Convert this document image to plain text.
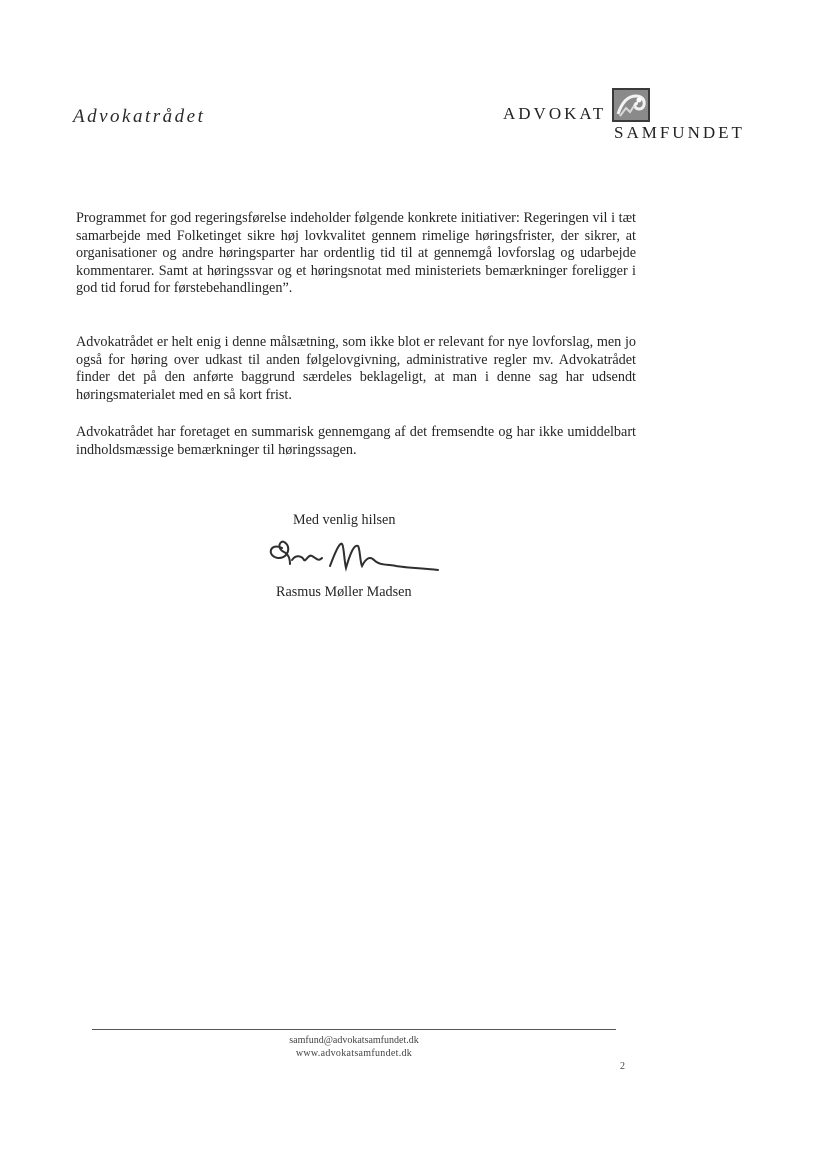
Advokatrådet	ADVOKAT
SAMFUNDET

Programmet for god regeringsførelse indeholder følgende konkrete initiativer: Regeringen vil i tæt samarbejde med Folketinget sikre høj lovkvalitet gennem rimelige høringsfrister, der sikrer, at organisationer og andre høringsparter har ordentlig tid til at gennemgå lovforslag og udarbejde kommentarer. Samt at høringssvar og et høringsnotat med ministeriets bemærkninger foreligger i god tid forud for førstebehandlingen”.

Advokatrådet er helt enig i denne målsætning, som ikke blot er relevant for nye lovforslag, men jo også for høring over udkast til anden følgelovgivning, administrative regler mv. Advokatrådet finder det på den anførte baggrund særdeles beklageligt, at man i denne sag har udsendt høringsmaterialet med en så kort frist.

Advokatrådet har foretaget en summarisk gennemgang af det fremsendte og har ikke umiddelbart indholdsmæssige bemærkninger til høringssagen.

Med venlig hilsen
Rasmus Møller Madsen
samfund@advokatsamfundet.dk
www.advokatsamfundet.dk
2
